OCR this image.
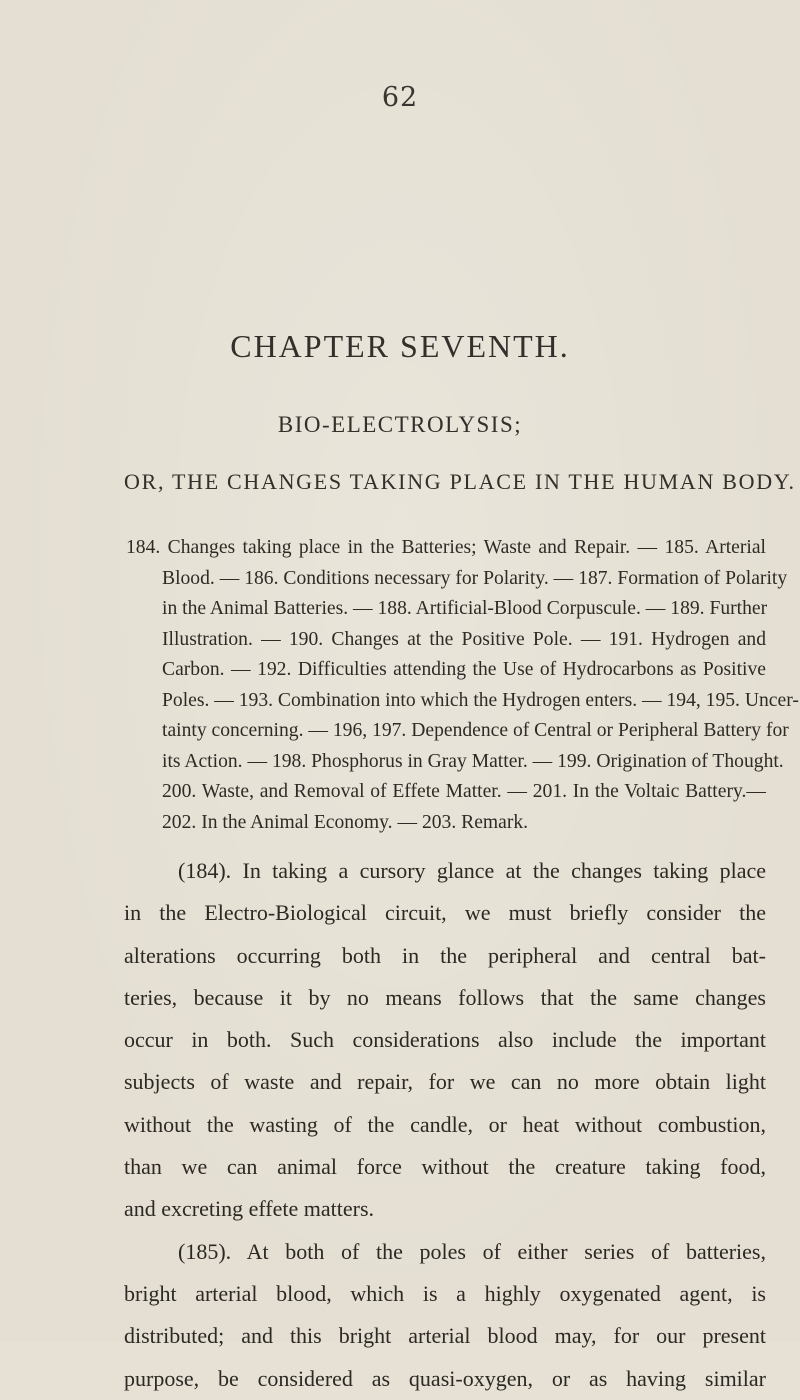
62
CHAPTER SEVENTH.
BIO-ELECTROLYSIS;
OR, THE CHANGES TAKING PLACE IN THE HUMAN BODY.
184. Changes taking place in the Batteries; Waste and Repair. — 185. Arterial
Blood. — 186. Conditions necessary for Polarity. — 187. Formation of Polarity
in the Animal Batteries. — 188. Artificial-Blood Corpuscule. — 189. Further
Illustration. — 190. Changes at the Positive Pole. — 191. Hydrogen and
Carbon. — 192. Difficulties attending the Use of Hydrocarbons as Positive
Poles. — 193. Combination into which the Hydrogen enters. — 194, 195. Uncer-
tainty concerning. — 196, 197. Dependence of Central or Peripheral Battery for
its Action. — 198. Phosphorus in Gray Matter. — 199. Origination of Thought.
200. Waste, and Removal of Effete Matter. — 201. In the Voltaic Battery.—
202. In the Animal Economy. — 203. Remark.
(184). In taking a cursory glance at the changes taking place
in the Electro-Biological circuit, we must briefly consider the
alterations occurring both in the peripheral and central bat-
teries, because it by no means follows that the same changes
occur in both. Such considerations also include the important
subjects of waste and repair, for we can no more obtain light
without the wasting of the candle, or heat without combustion,
than we can animal force without the creature taking food,
and excreting effete matters.
(185). At both of the poles of either series of batteries,
bright arterial blood, which is a highly oxygenated agent, is
distributed; and this bright arterial blood may, for our present
purpose, be considered as quasi-oxygen, or as having similar
